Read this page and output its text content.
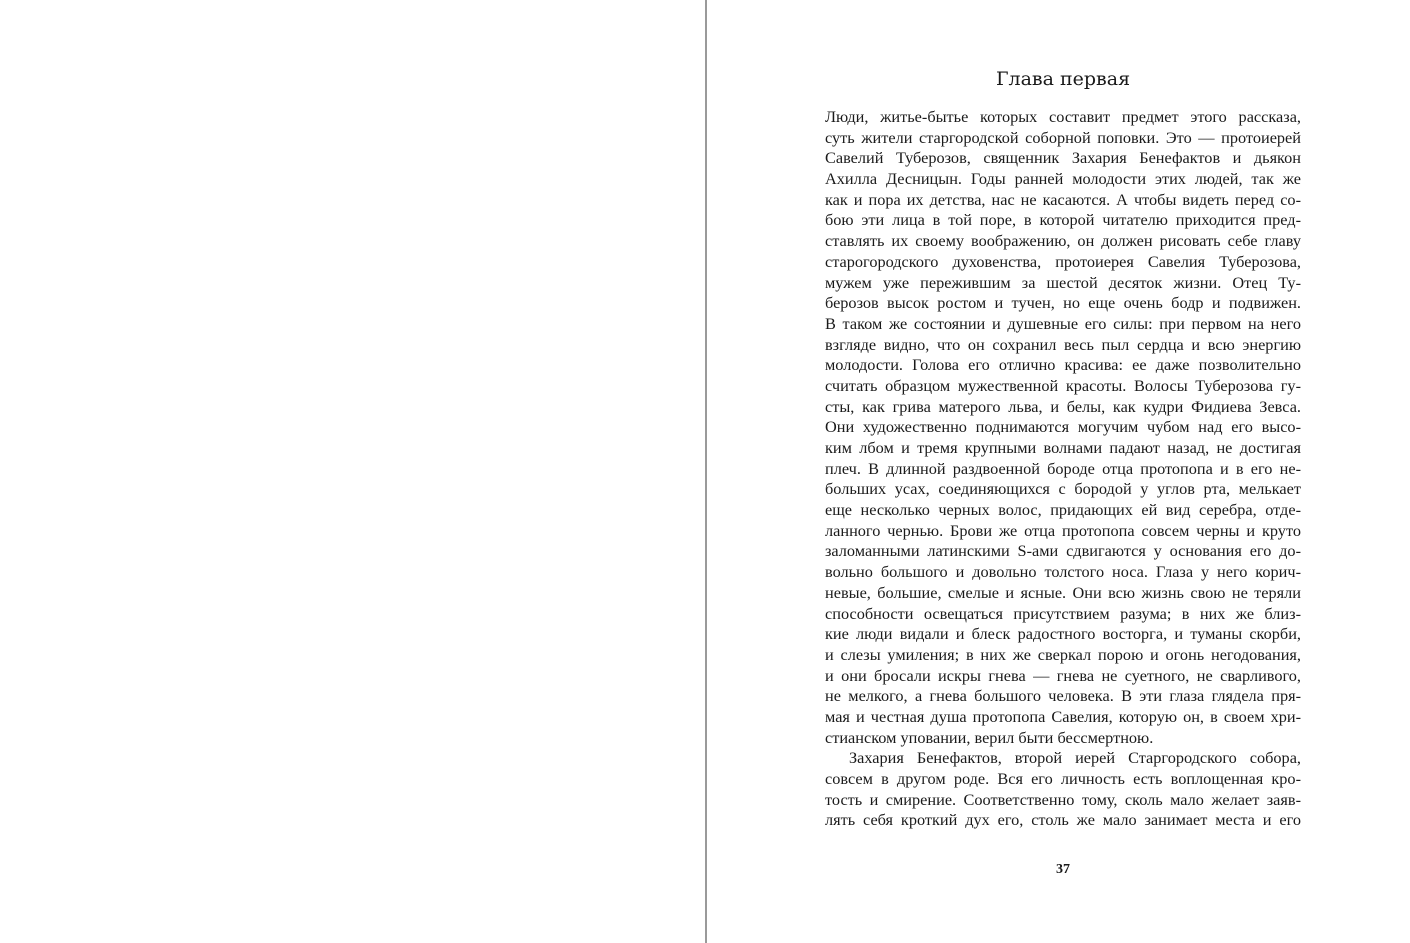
Глава первая
Люди, житье-бытье которых составит предмет этого рассказа,
суть жители старгородской соборной поповки. Это — протоиерей
Савелий Туберозов, священник Захария Бенефактов и дьякон
Ахилла Десницын. Годы ранней молодости этих людей, так же
как и пора их детства, нас не касаются. А чтобы видеть перед со-
бою эти лица в той поре, в которой читателю приходится пред-
ставлять их своему воображению, он должен рисовать себе главу
старогородского духовенства, протоиерея Савелия Туберозова,
мужем уже пережившим за шестой десяток жизни. Отец Ту-
берозов высок ростом и тучен, но еще очень бодр и подвижен.
В таком же состоянии и душевные его силы: при первом на него
взгляде видно, что он сохранил весь пыл сердца и всю энергию
молодости. Голова его отлично красива: ее даже позволительно
считать образцом мужественной красоты. Волосы Туберозова гу-
сты, как грива матерого льва, и белы, как кудри Фидиева Зевса.
Они художественно поднимаются могучим чубом над его высо-
ким лбом и тремя крупными волнами падают назад, не достигая
плеч. В длинной раздвоенной бороде отца протопопа и в его не-
больших усах, соединяющихся с бородой у углов рта, мелькает
еще несколько черных волос, придающих ей вид серебра, отде-
ланного чернью. Брови же отца протопопа совсем черны и круто
заломанными латинскими S-ами сдвигаются у основания его до-
вольно большого и довольно толстого носа. Глаза у него корич-
невые, большие, смелые и ясные. Они всю жизнь свою не теряли
способности освещаться присутствием разума; в них же близ-
кие люди видали и блеск радостного восторга, и туманы скорби,
и слезы умиления; в них же сверкал порою и огонь негодования,
и они бросали искры гнева — гнева не суетного, не сварливого,
не мелкого, а гнева большого человека. В эти глаза глядела пря-
мая и честная душа протопопа Савелия, которую он, в своем хри-
стианском уповании, верил быти бессмертною.
Захария Бенефактов, второй иерей Старгородского собора,
совсем в другом роде. Вся его личность есть воплощенная кро-
тость и смирение. Соответственно тому, сколь мало желает заяв-
лять себя кроткий дух его, столь же мало занимает места и его
37
